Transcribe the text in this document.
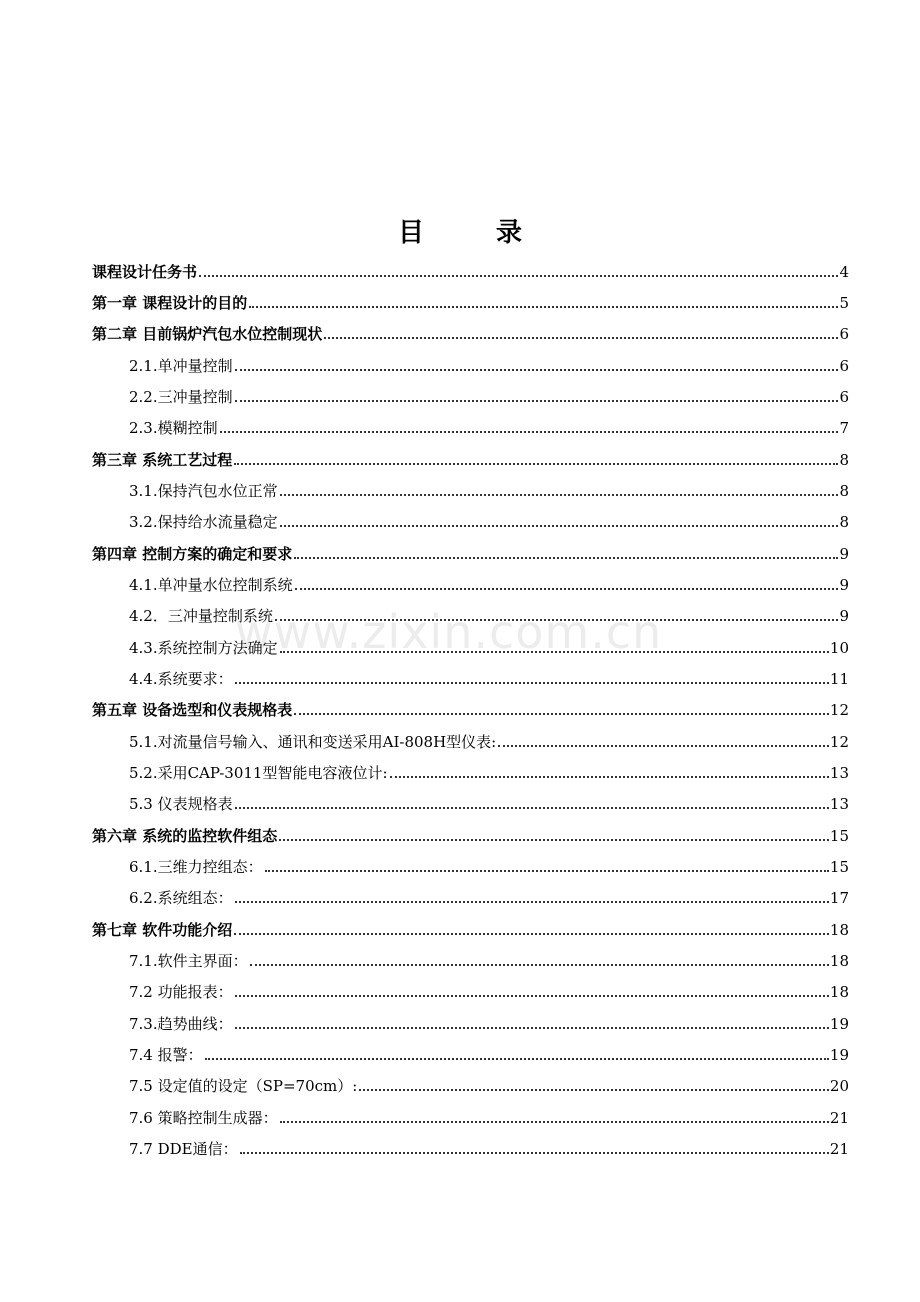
目	录
www.zixin.com.cn
课程设计任务书	4
第一章 课程设计的目的	5
第二章 目前锅炉汽包水位控制现状	6
2.1.单冲量控制	6
2.2.三冲量控制	6
2.3.模糊控制	7
第三章 系统工艺过程	8
3.1.保持汽包水位正常	8
3.2.保持给水流量稳定	8
第四章 控制方案的确定和要求	9
4.1.单冲量水位控制系统	9
4.2．三冲量控制系统	9
4.3.系统控制方法确定	10
4.4.系统要求：	11
第五章 设备选型和仪表规格表	12
5.1.对流量信号输入、通讯和变送采用AI-808H型仪表:	12
5.2.采用CAP-3011型智能电容液位计:	13
5.3 仪表规格表	13
第六章 系统的监控软件组态	15
6.1.三维力控组态：	15
6.2.系统组态：	17
第七章 软件功能介绍	18
7.1.软件主界面：	18
7.2 功能报表：	18
7.3.趋势曲线：	19
7.4 报警：	19
7.5 设定值的设定（SP=70cm）:	20
7.6 策略控制生成器：	21
7.7 DDE通信：	21
